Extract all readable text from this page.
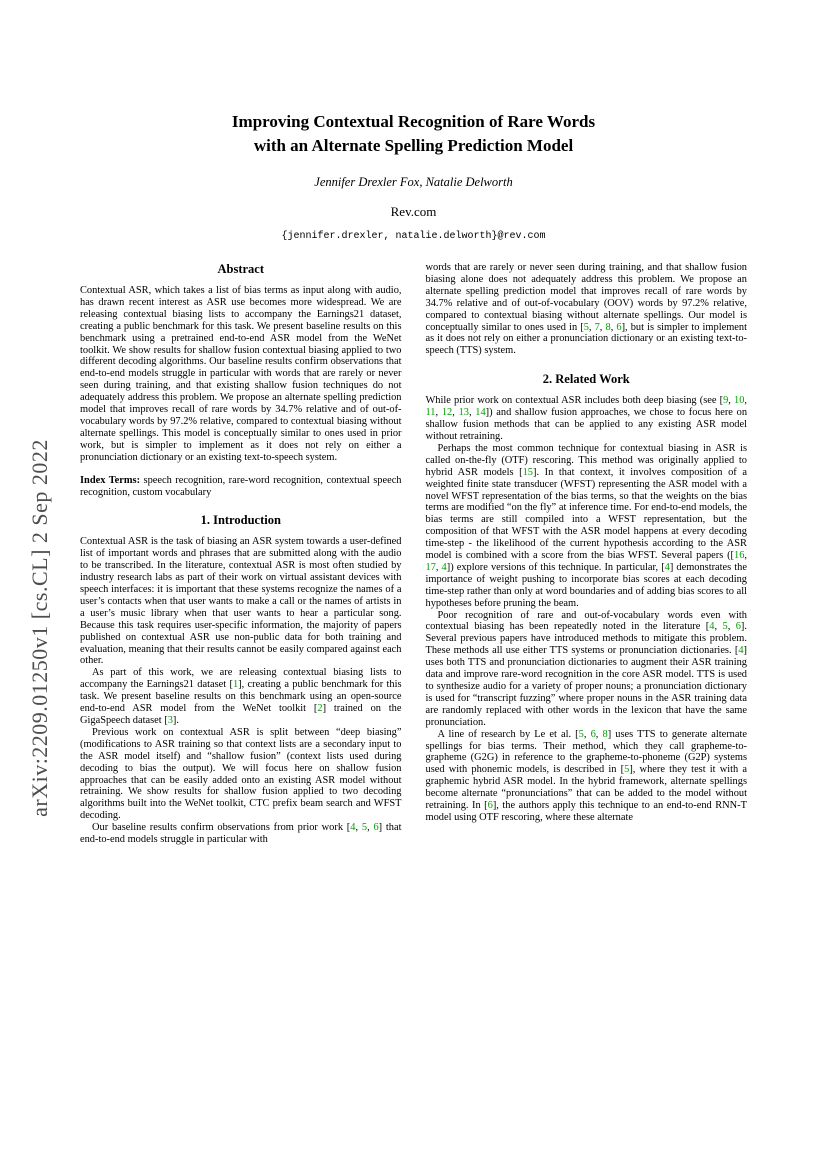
arXiv:2209.01250v1 [cs.CL] 2 Sep 2022
Improving Contextual Recognition of Rare Words
with an Alternate Spelling Prediction Model
Jennifer Drexler Fox, Natalie Delworth
Rev.com
{jennifer.drexler, natalie.delworth}@rev.com
Abstract

Contextual ASR, which takes a list of bias terms as input along with audio, has drawn recent interest as ASR use becomes more widespread. We are releasing contextual biasing lists to accompany the Earnings21 dataset, creating a public benchmark for this task. We present baseline results on this benchmark using a pretrained end-to-end ASR model from the WeNet toolkit. We show results for shallow fusion contextual biasing applied to two different decoding algorithms. Our baseline results confirm observations that end-to-end models struggle in particular with words that are rarely or never seen during training, and that existing shallow fusion techniques do not adequately address this problem. We propose an alternate spelling prediction model that improves recall of rare words by 34.7% relative and of out-of-vocabulary words by 97.2% relative, compared to contextual biasing without alternate spellings. This model is conceptually similar to ones used in prior work, but is simpler to implement as it does not rely on either a pronunciation dictionary or an existing text-to-speech system.

Index Terms: speech recognition, rare-word recognition, contextual speech recognition, custom vocabulary

1. Introduction

Contextual ASR is the task of biasing an ASR system towards a user-defined list of important words and phrases that are submitted along with the audio to be transcribed. In the literature, contextual ASR is most often studied by industry research labs as part of their work on virtual assistant devices with speech interfaces: it is important that these systems recognize the names of a user’s contacts when that user wants to make a call or the names of artists in a user’s music library when that user wants to hear a particular song. Because this task requires user-specific information, the majority of papers published on contextual ASR use non-public data for both training and evaluation, meaning that their results cannot be easily compared against each other.

As part of this work, we are releasing contextual biasing lists to accompany the Earnings21 dataset [1], creating a public benchmark for this task. We present baseline results on this benchmark using an open-source end-to-end ASR model from the WeNet toolkit [2] trained on the GigaSpeech dataset [3].

Previous work on contextual ASR is split between “deep biasing” (modifications to ASR training so that context lists are a secondary input to the ASR model itself) and “shallow fusion” (context lists used during decoding to bias the output). We will focus here on shallow fusion approaches that can be easily added onto an existing ASR model without retraining. We show results for shallow fusion applied to two decoding algorithms built into the WeNet toolkit, CTC prefix beam search and WFST decoding.

Our baseline results confirm observations from prior work [4, 5, 6] that end-to-end models struggle in particular with

words that are rarely or never seen during training, and that shallow fusion biasing alone does not adequately address this problem. We propose an alternate spelling prediction model that improves recall of rare words by 34.7% relative and of out-of-vocabulary (OOV) words by 97.2% relative, compared to contextual biasing without alternate spellings. Our model is conceptually similar to ones used in [5, 7, 8, 6], but is simpler to implement as it does not rely on either a pronunciation dictionary or an existing text-to-speech (TTS) system.

2. Related Work

While prior work on contextual ASR includes both deep biasing (see [9, 10, 11, 12, 13, 14]) and shallow fusion approaches, we chose to focus here on shallow fusion methods that can be applied to any existing ASR model without retraining.

Perhaps the most common technique for contextual biasing in ASR is called on-the-fly (OTF) rescoring. This method was originally applied to hybrid ASR models [15]. In that context, it involves composition of a weighted finite state transducer (WFST) representing the ASR model with a novel WFST representation of the bias terms, so that the weights on the bias terms are modified “on the fly” at inference time. For end-to-end models, the bias terms are still compiled into a WFST representation, but the composition of that WFST with the ASR model happens at every decoding time-step - the likelihood of the current hypothesis according to the ASR model is combined with a score from the bias WFST. Several papers ([16, 17, 4]) explore versions of this technique. In particular, [4] demonstrates the importance of weight pushing to incorporate bias scores at each decoding time-step rather than only at word boundaries and of adding bias scores to all hypotheses before pruning the beam.

Poor recognition of rare and out-of-vocabulary words even with contextual biasing has been repeatedly noted in the literature [4, 5, 6]. Several previous papers have introduced methods to mitigate this problem. These methods all use either TTS systems or pronunciation dictionaries. [4] uses both TTS and pronunciation dictionaries to augment their ASR training data and improve rare-word recognition in the core ASR model. TTS is used to synthesize audio for a variety of proper nouns; a pronunciation dictionary is used for “transcript fuzzing” where proper nouns in the ASR training data are randomly replaced with other words in the lexicon that have the same pronunciation.

A line of research by Le et al. [5, 6, 8] uses TTS to generate alternate spellings for bias terms. Their method, which they call grapheme-to-grapheme (G2G) in reference to the grapheme-to-phoneme (G2P) systems used with phonemic models, is described in [5], where they test it with a graphemic hybrid ASR model. In the hybrid framework, alternate spellings become alternate “pronunciations” that can be added to the model without retraining. In [6], the authors apply this technique to an end-to-end RNN-T model using OTF rescoring, where these alternate
